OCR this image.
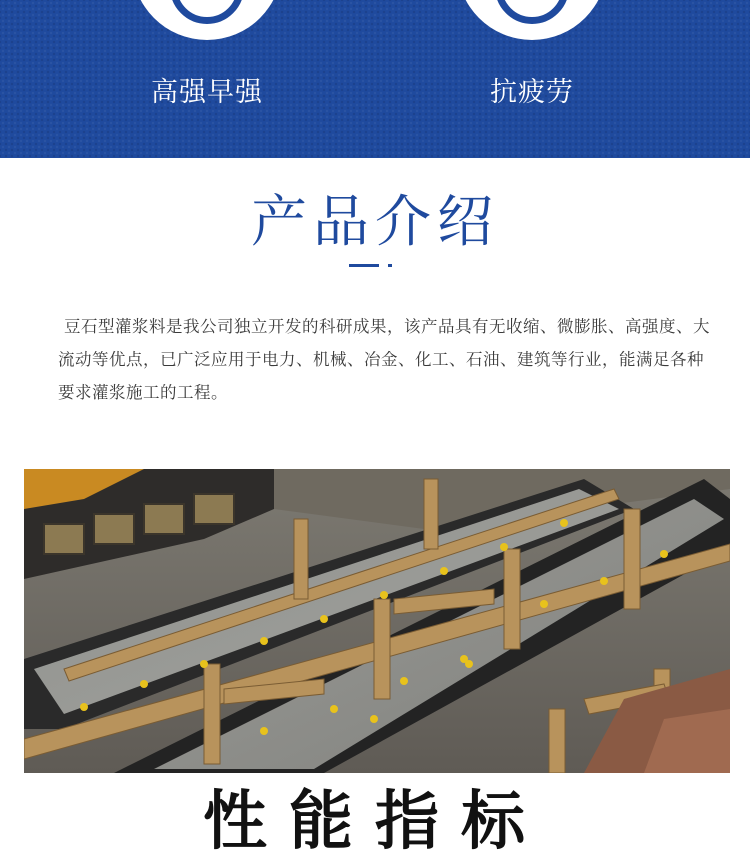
高强早强	抗疲劳
产品介绍
豆石型灌浆料是我公司独立开发的科研成果，该产品具有无收缩、微膨胀、高强度、大流动等优点，已广泛应用于电力、机械、冶金、化工、石油、建筑等行业，能满足各种要求灌浆施工的工程。
性能指标
